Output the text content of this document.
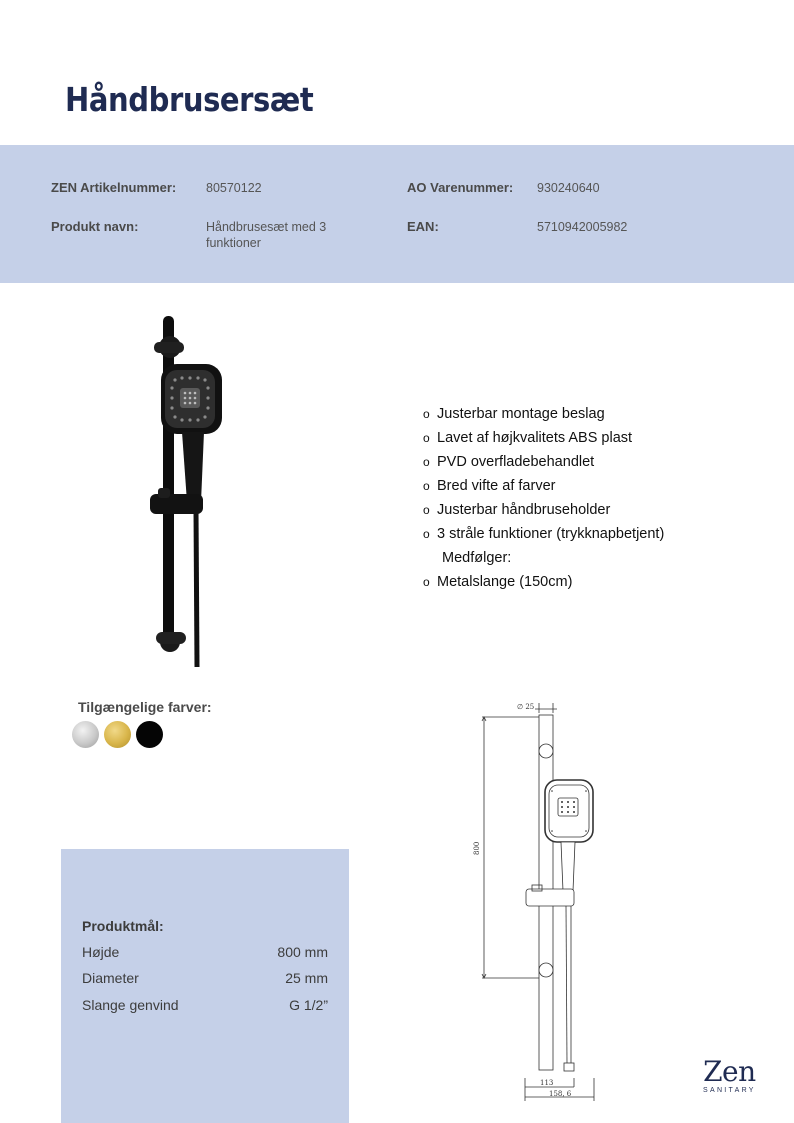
Håndbrusersæt
ZEN Artikelnummer: 80570122	AO Varenummer: 930240640
Produkt navn:	Håndbrusesæt med 3
funktioner
EAN:	5710942005982
o Justerbar montage beslag
o Lavet af højkvalitets ABS plast
o PVD overfladebehandlet
o Bred vifte af farver
o Justerbar håndbruseholder
o 3 stråle funktioner (trykknapbetjent)
Medfølger:
o Metalslange (150cm)
Tilgængelige farver:	∅ 25
800
113
158, 6
Produktmål:
Højde	800 mm
Diameter	25 mm
Slange genvind	G 1/2”
Zen
SANITARY
